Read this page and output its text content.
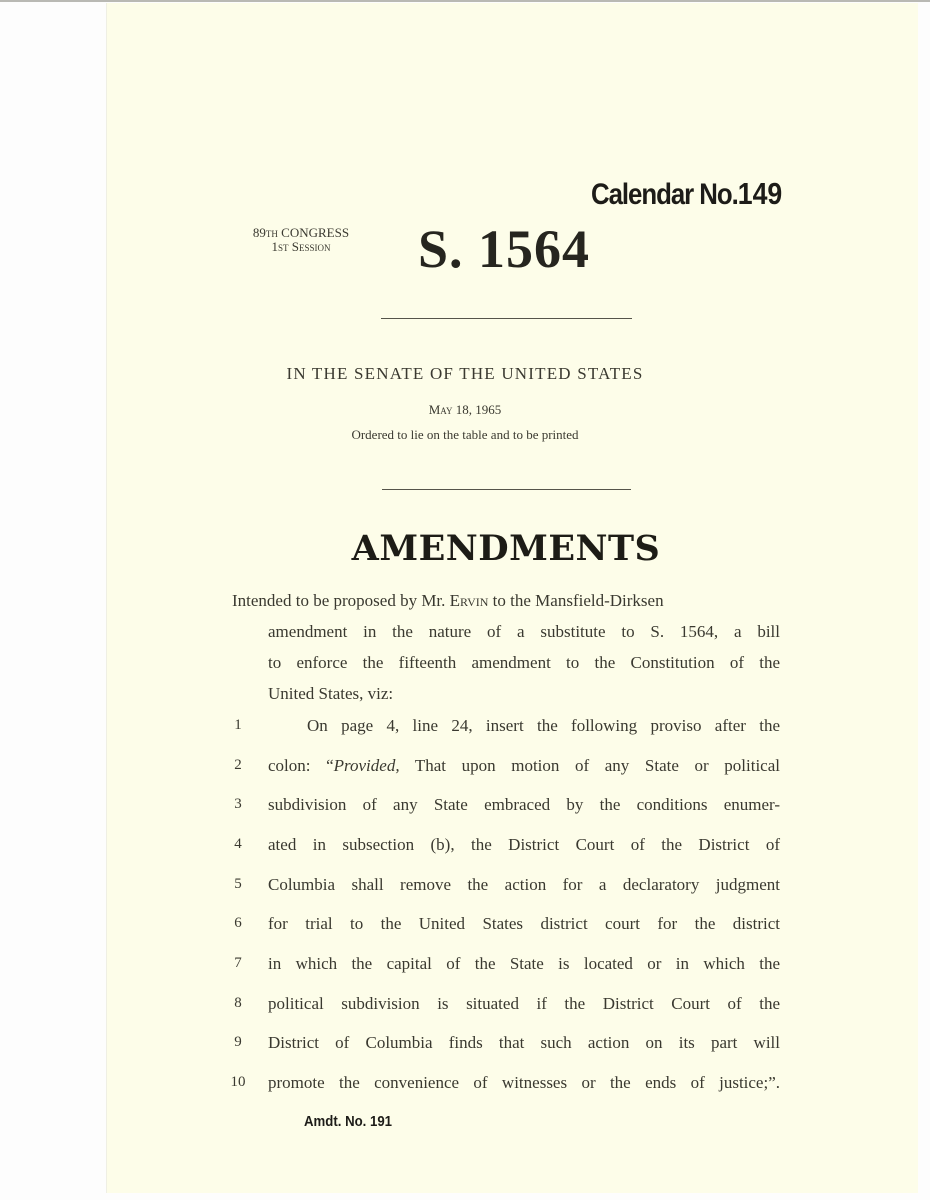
Calendar No.149
89th CONGRESS
1st Session	S. 1564
IN THE SENATE OF THE UNITED STATES
May 18, 1965
Ordered to lie on the table and to be printed
AMENDMENTS
Intended to be proposed by Mr. Ervin to the Mansfield-Dirksen
amendment in the nature of a substitute to S. 1564, a bill
to enforce the fifteenth amendment to the Constitution of the
United States, viz:
1	On page 4, line 24, insert the following proviso after the
2	colon: “Provided, That upon motion of any State or political
3	subdivision of any State embraced by the conditions enumer-
4	ated in subsection (b), the District Court of the District of
5	Columbia shall remove the action for a declaratory judgment
6	for trial to the United States district court for the district
7	in which the capital of the State is located or in which the
8	political subdivision is situated if the District Court of the
9	District of Columbia finds that such action on its part will
10	promote the convenience of witnesses or the ends of justice;”.
Amdt. No. 191
